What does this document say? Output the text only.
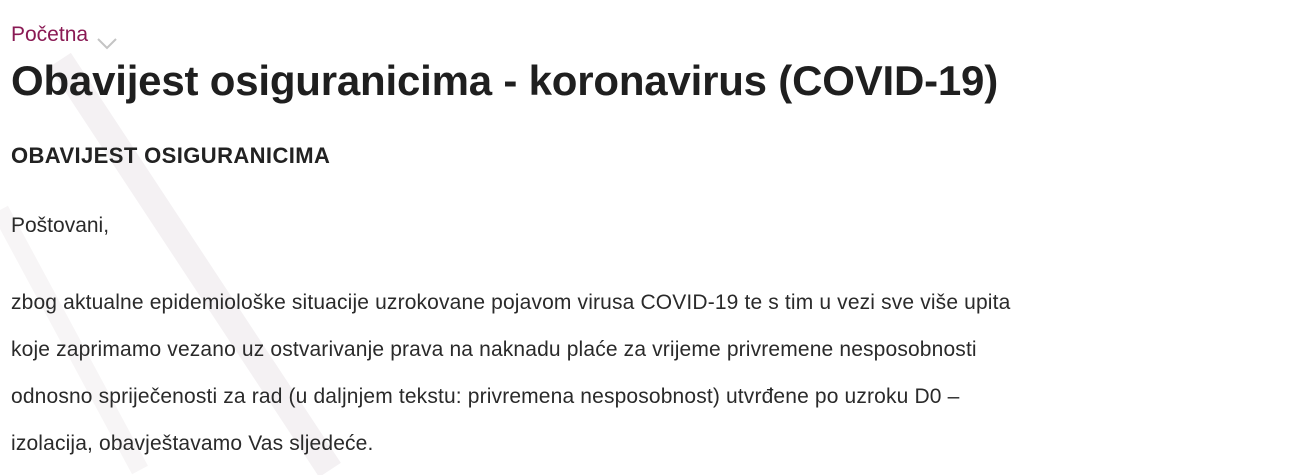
Početna
Obavijest osiguranicima - koronavirus (COVID-19)
OBAVIJEST OSIGURANICIMA

Poštovani,

zbog aktualne epidemiološke situacije uzrokovane pojavom virusa COVID-19 te s tim u vezi sve više upita
koje zaprimamo vezano uz ostvarivanje prava na naknadu plaće za vrijeme privremene nesposobnosti
odnosno spriječenosti za rad (u daljnjem tekstu: privremena nesposobnost) utvrđene po uzroku D0 –
izolacija, obavještavamo Vas sljedeće.
